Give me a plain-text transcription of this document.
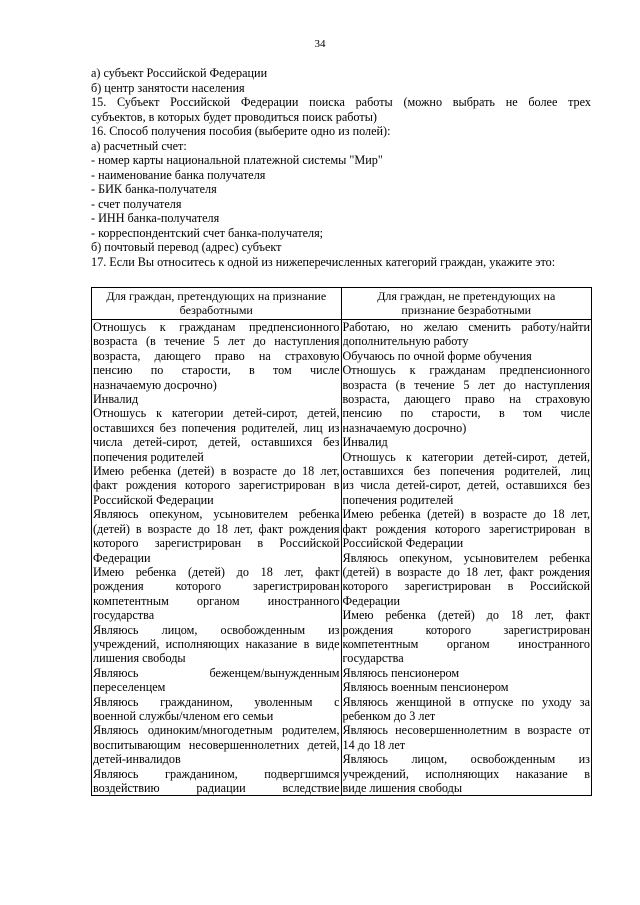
34
а) субъект Российской Федерации
б) центр занятости населения
15. Субъект Российской Федерации поиска работы (можно выбрать не более трех
субъектов, в которых будет проводиться поиск работы)
16. Способ получения пособия (выберите одно из полей):
а) расчетный счет:
- номер карты национальной платежной системы "Мир"
- наименование банка получателя
- БИК банка-получателя
- счет получателя
- ИНН банка-получателя
- корреспондентский счет банка-получателя;
б) почтовый перевод (адрес) субъект
17. Если Вы относитесь к одной из нижеперечисленных категорий граждан, укажите это:
Для граждан, претендующих на признание
безработными
Для граждан, не претендующих на
признание безработными
Отношусь к гражданам предпенсионного
возраста (в течение 5 лет до наступления
возраста, дающего право на страховую
пенсию по старости, в том числе
назначаемую досрочно)
Инвалид
Отношусь к категории детей-сирот, детей,
оставшихся без попечения родителей, лиц из
числа детей-сирот, детей, оставшихся без
попечения родителей
Имею ребенка (детей) в возрасте до 18 лет,
факт рождения которого зарегистрирован в
Российской Федерации
Являюсь опекуном, усыновителем ребенка
(детей) в возрасте до 18 лет, факт рождения
которого зарегистрирован в Российской
Федерации
Имею ребенка (детей) до 18 лет, факт
рождения которого зарегистрирован
компетентным органом иностранного
государства
Являюсь лицом, освобожденным из
учреждений, исполняющих наказание в виде
лишения свободы
Являюсь беженцем/вынужденным
переселенцем
Являюсь гражданином, уволенным с
военной службы/членом его семьи
Являюсь одиноким/многодетным родителем,
воспитывающим несовершеннолетних детей,
детей-инвалидов
Являюсь гражданином, подвергшимся
воздействию радиации вследствие
Работаю, но желаю сменить работу/найти
дополнительную работу
Обучаюсь по очной форме обучения
Отношусь к гражданам предпенсионного
возраста (в течение 5 лет до наступления
возраста, дающего право на страховую
пенсию по старости, в том числе
назначаемую досрочно)
Инвалид
Отношусь к категории детей-сирот, детей,
оставшихся без попечения родителей, лиц
из числа детей-сирот, детей, оставшихся без
попечения родителей
Имею ребенка (детей) в возрасте до 18 лет,
факт рождения которого зарегистрирован в
Российской Федерации
Являюсь опекуном, усыновителем ребенка
(детей) в возрасте до 18 лет, факт рождения
которого зарегистрирован в Российской
Федерации
Имею ребенка (детей) до 18 лет, факт
рождения которого зарегистрирован
компетентным органом иностранного
государства
Являюсь пенсионером
Являюсь военным пенсионером
Являюсь женщиной в отпуске по уходу за
ребенком до 3 лет
Являюсь несовершеннолетним в возрасте от
14 до 18 лет
Являюсь лицом, освобожденным из
учреждений, исполняющих наказание в
виде лишения свободы
